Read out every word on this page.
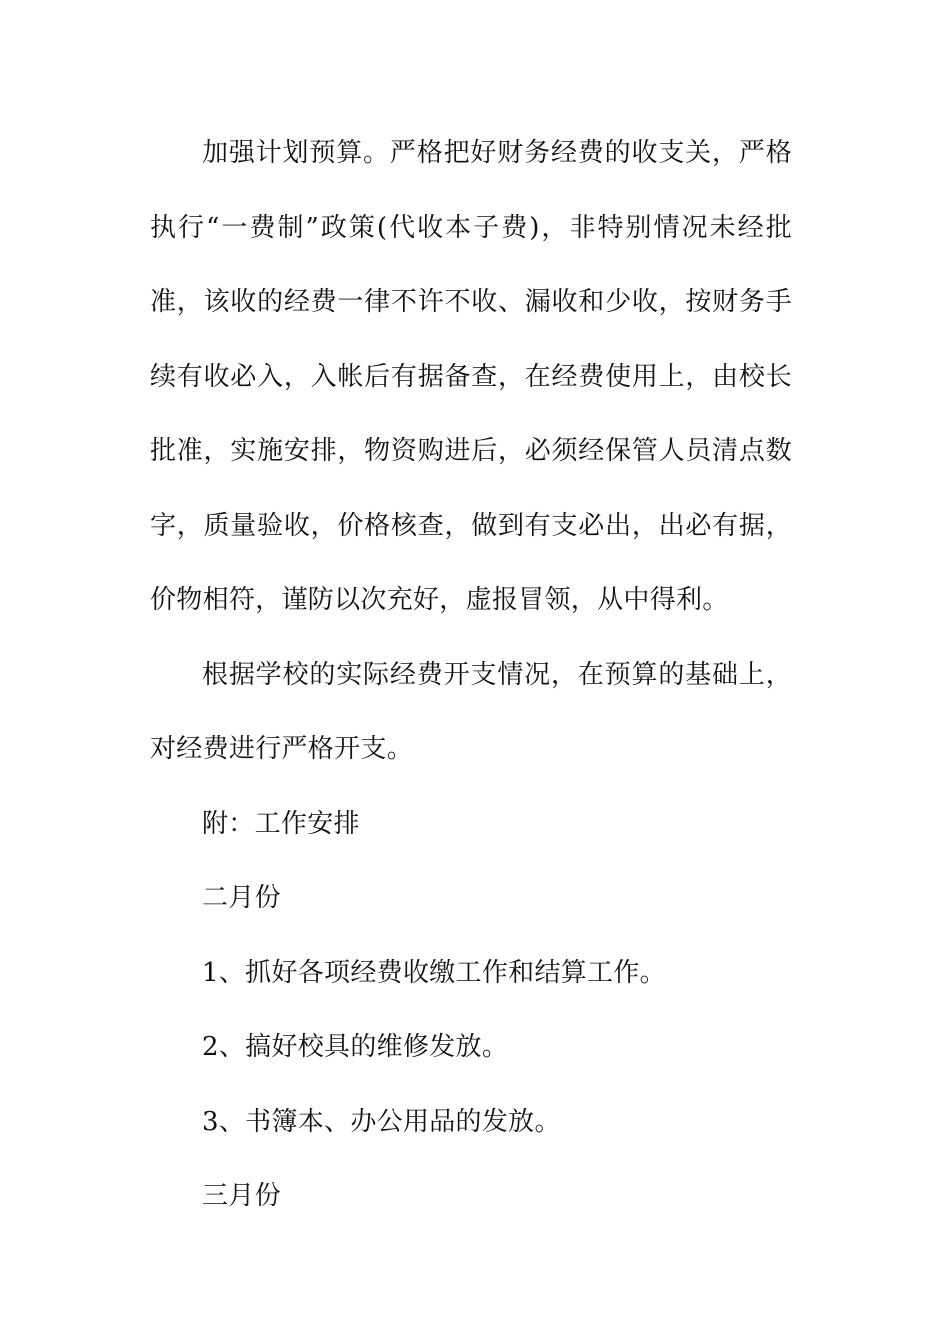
加强计划预算。严格把好财务经费的收支关，严格执行“一费制”政策(代收本子费)，非特别情况未经批准，该收的经费一律不许不收、漏收和少收，按财务手续有收必入，入帐后有据备查，在经费使用上，由校长批准，实施安排，物资购进后，必须经保管人员清点数字，质量验收，价格核查，做到有支必出，出必有据，价物相符，谨防以次充好，虚报冒领，从中得利。

根据学校的实际经费开支情况，在预算的基础上，对经费进行严格开支。

附：工作安排

二月份

1、抓好各项经费收缴工作和结算工作。

2、搞好校具的维修发放。

3、书簿本、办公用品的发放。

三月份
